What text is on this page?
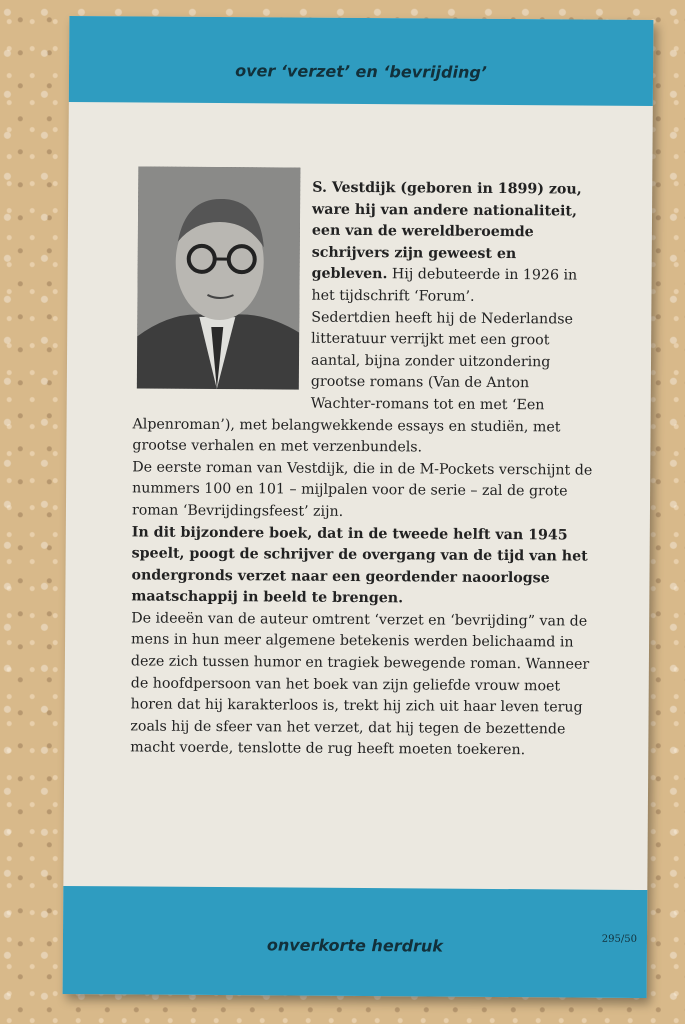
over ‘verzet’ en ‘bevrijding’

S. Vestdijk (geboren in 1899) zou, ware hij van andere nationaliteit, een van de wereldberoemde schrijvers zijn geweest en gebleven. Hij debuteerde in 1926 in het tijdschrift ‘Forum’.

Sedertdien heeft hij de Nederlandse litteratuur verrijkt met een groot aantal, bijna zonder uitzondering grootse romans (Van de Anton Wachter-romans tot en met ‘Een Alpenroman’), met belangwekkende essays en studiën, met grootse verhalen en met verzenbundels.

De eerste roman van Vestdijk, die in de M-Pockets verschijnt de nummers 100 en 101 – mijlpalen voor de serie – zal de grote roman ‘Bevrijdingsfeest’ zijn.

In dit bijzondere boek, dat in de tweede helft van 1945 speelt, poogt de schrijver de overgang van de tijd van het ondergronds verzet naar een geordender naoorlogse maatschappij in beeld te brengen.

De ideeën van de auteur omtrent ‘verzet en ‘bevrijding” van de mens in hun meer algemene betekenis werden belichaamd in deze zich tussen humor en tragiek bewegende roman. Wanneer de hoofdpersoon van het boek van zijn geliefde vrouw moet horen dat hij karakterloos is, trekt hij zich uit haar leven terug zoals hij de sfeer van het verzet, dat hij tegen de bezettende macht voerde, tenslotte de rug heeft moeten toekeren.

onverkorte herdruk	295/50
